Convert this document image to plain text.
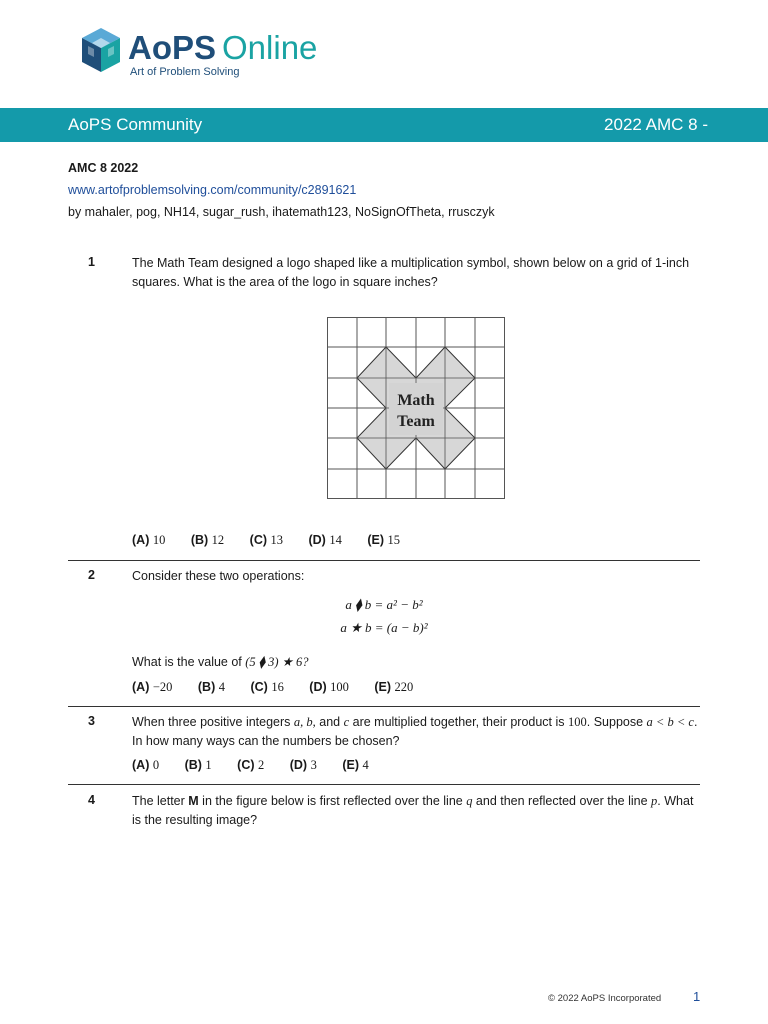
AoPS Online
Art of Problem Solving
AoPS Community	2022 AMC 8 -
AMC 8 2022
www.artofproblemsolving.com/community/c2891621
by mahaler, pog, NH14, sugar_rush, ihatemath123, NoSignOfTheta, rrusczyk
1	The Math Team designed a logo shaped like a multiplication symbol, shown below on a grid of 1-inch squares. What is the area of the logo in square inches?
Math
Team
(A) 10 (B) 12 (C) 13 (D) 14 (E) 15
2	Consider these two operations:
a ⧫ b = a² − b²
a ★ b = (a − b)²
What is the value of (5 ⧫ 3) ★ 6?
(A) −20 (B) 4 (C) 16 (D) 100 (E) 220
3	When three positive integers a, b, and c are multiplied together, their product is 100. Suppose a < b < c. In how many ways can the numbers be chosen?
(A) 0 (B) 1 (C) 2 (D) 3 (E) 4
4	The letter M in the figure below is first reflected over the line q and then reflected over the line p. What is the resulting image?
© 2022 AoPS Incorporated 1
